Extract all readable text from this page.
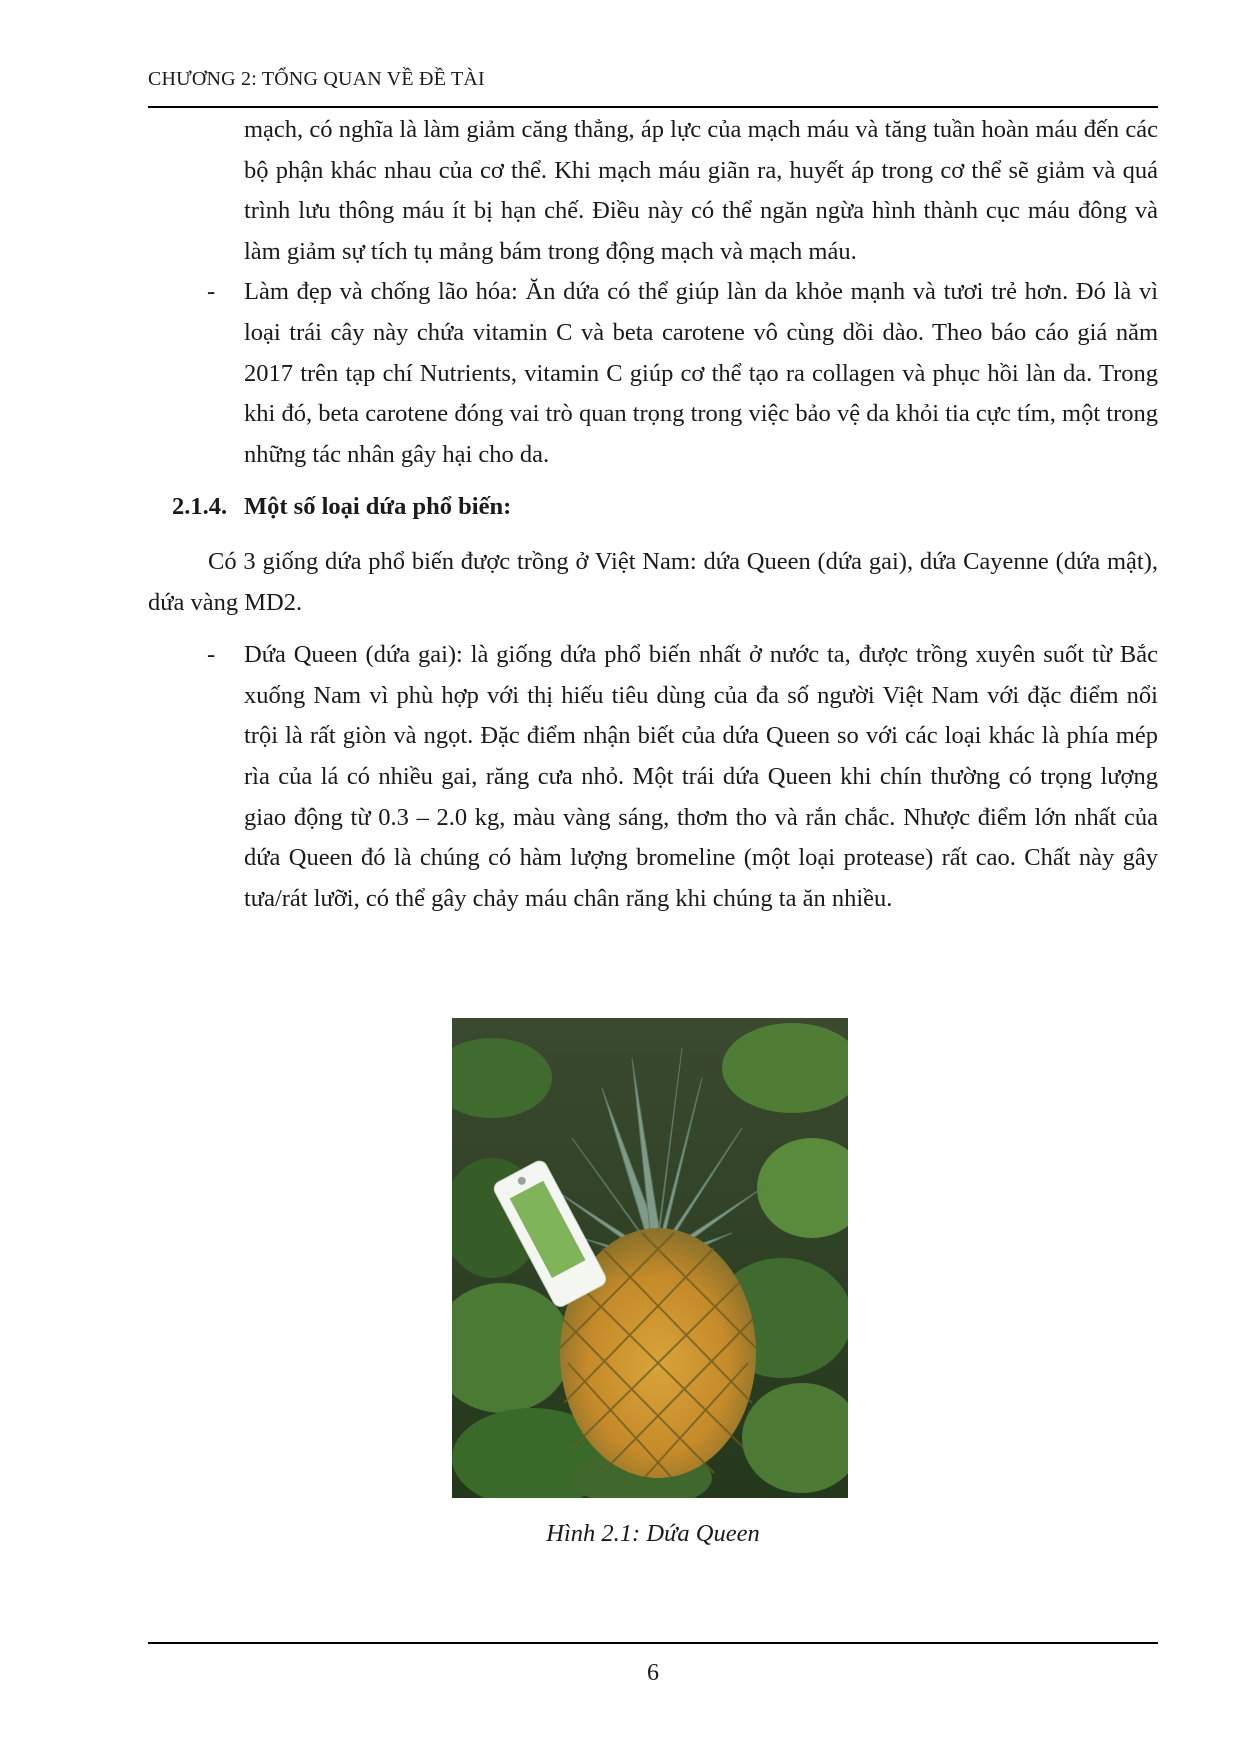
CHƯƠNG 2: TỔNG QUAN VỀ ĐỀ TÀI
mạch, có nghĩa là làm giảm căng thẳng, áp lực của mạch máu và tăng tuần hoàn máu đến các bộ phận khác nhau của cơ thể. Khi mạch máu giãn ra, huyết áp trong cơ thể sẽ giảm và quá trình lưu thông máu ít bị hạn chế. Điều này có thể ngăn ngừa hình thành cục máu đông và làm giảm sự tích tụ mảng bám trong động mạch và mạch máu.
- Làm đẹp và chống lão hóa: Ăn dứa có thể giúp làn da khỏe mạnh và tươi trẻ hơn. Đó là vì loại trái cây này chứa vitamin C và beta carotene vô cùng dồi dào. Theo báo cáo giá năm 2017 trên tạp chí Nutrients, vitamin C giúp cơ thể tạo ra collagen và phục hồi làn da. Trong khi đó, beta carotene đóng vai trò quan trọng trong việc bảo vệ da khỏi tia cực tím, một trong những tác nhân gây hại cho da.
2.1.4. Một số loại dứa phổ biến:
Có 3 giống dứa phổ biến được trồng ở Việt Nam: dứa Queen (dứa gai), dứa Cayenne (dứa mật), dứa vàng MD2.
- Dứa Queen (dứa gai): là giống dứa phổ biến nhất ở nước ta, được trồng xuyên suốt từ Bắc xuống Nam vì phù hợp với thị hiếu tiêu dùng của đa số người Việt Nam với đặc điểm nổi trội là rất giòn và ngọt. Đặc điểm nhận biết của dứa Queen so với các loại khác là phía mép rìa của lá có nhiều gai, răng cưa nhỏ. Một trái dứa Queen khi chín thường có trọng lượng giao động từ 0.3 – 2.0 kg, màu vàng sáng, thơm tho và rắn chắc. Nhược điểm lớn nhất của dứa Queen đó là chúng có hàm lượng bromeline (một loại protease) rất cao. Chất này gây tưa/rát lưỡi, có thể gây chảy máu chân răng khi chúng ta ăn nhiều.
Hình 2.1: Dứa Queen
6
